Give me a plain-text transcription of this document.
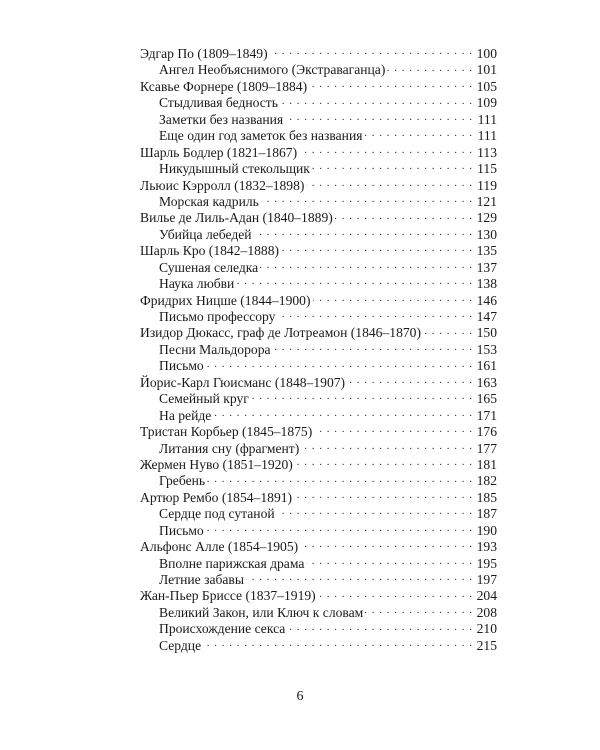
Эдгар По (1809–1849) . . .	100
Ангел Необъяснимого (Экстраваганца) . . .	101
Ксавье Форнере (1809–1884) . . .	105
Стыдливая бедность . . .	109
Заметки без названия . . .	111
Еще один год заметок без названия . . .	111
Шарль Бодлер (1821–1867) . . .	113
Никудышный стекольщик . . .	115
Льюис Кэрролл (1832–1898) . . .	119
Морская кадриль . . .	121
Вилье де Лиль-Адан (1840–1889) . . .	129
Убийца лебедей . . .	130
Шарль Кро (1842–1888) . . .	135
Сушеная селедка . . .	137
Наука любви . . .	138
Фридрих Ницше (1844–1900) . . .	146
Письмо профессору . . .	147
Изидор Дюкасс, граф де Лотреамон (1846–1870) . . .	150
Песни Мальдорора . . .	153
Письмо . . .	161
Йорис-Карл Гюисманс (1848–1907) . . .	163
Семейный круг . . .	165
На рейде . . .	171
Тристан Корбьер (1845–1875) . . .	176
Литания сну (фрагмент) . . .	177
Жермен Нуво (1851–1920) . . .	181
Гребень . . .	182
Артюр Рембо (1854–1891) . . .	185
Сердце под сутаной . . .	187
Письмо . . .	190
Альфонс Алле (1854–1905) . . .	193
Вполне парижская драма . . .	195
Летние забавы . . .	197
Жан-Пьер Бриссе (1837–1919) . . .	204
Великий Закон, или Ключ к словам . . .	208
Происхождение секса . . .	210
Сердце . . .	215
6
